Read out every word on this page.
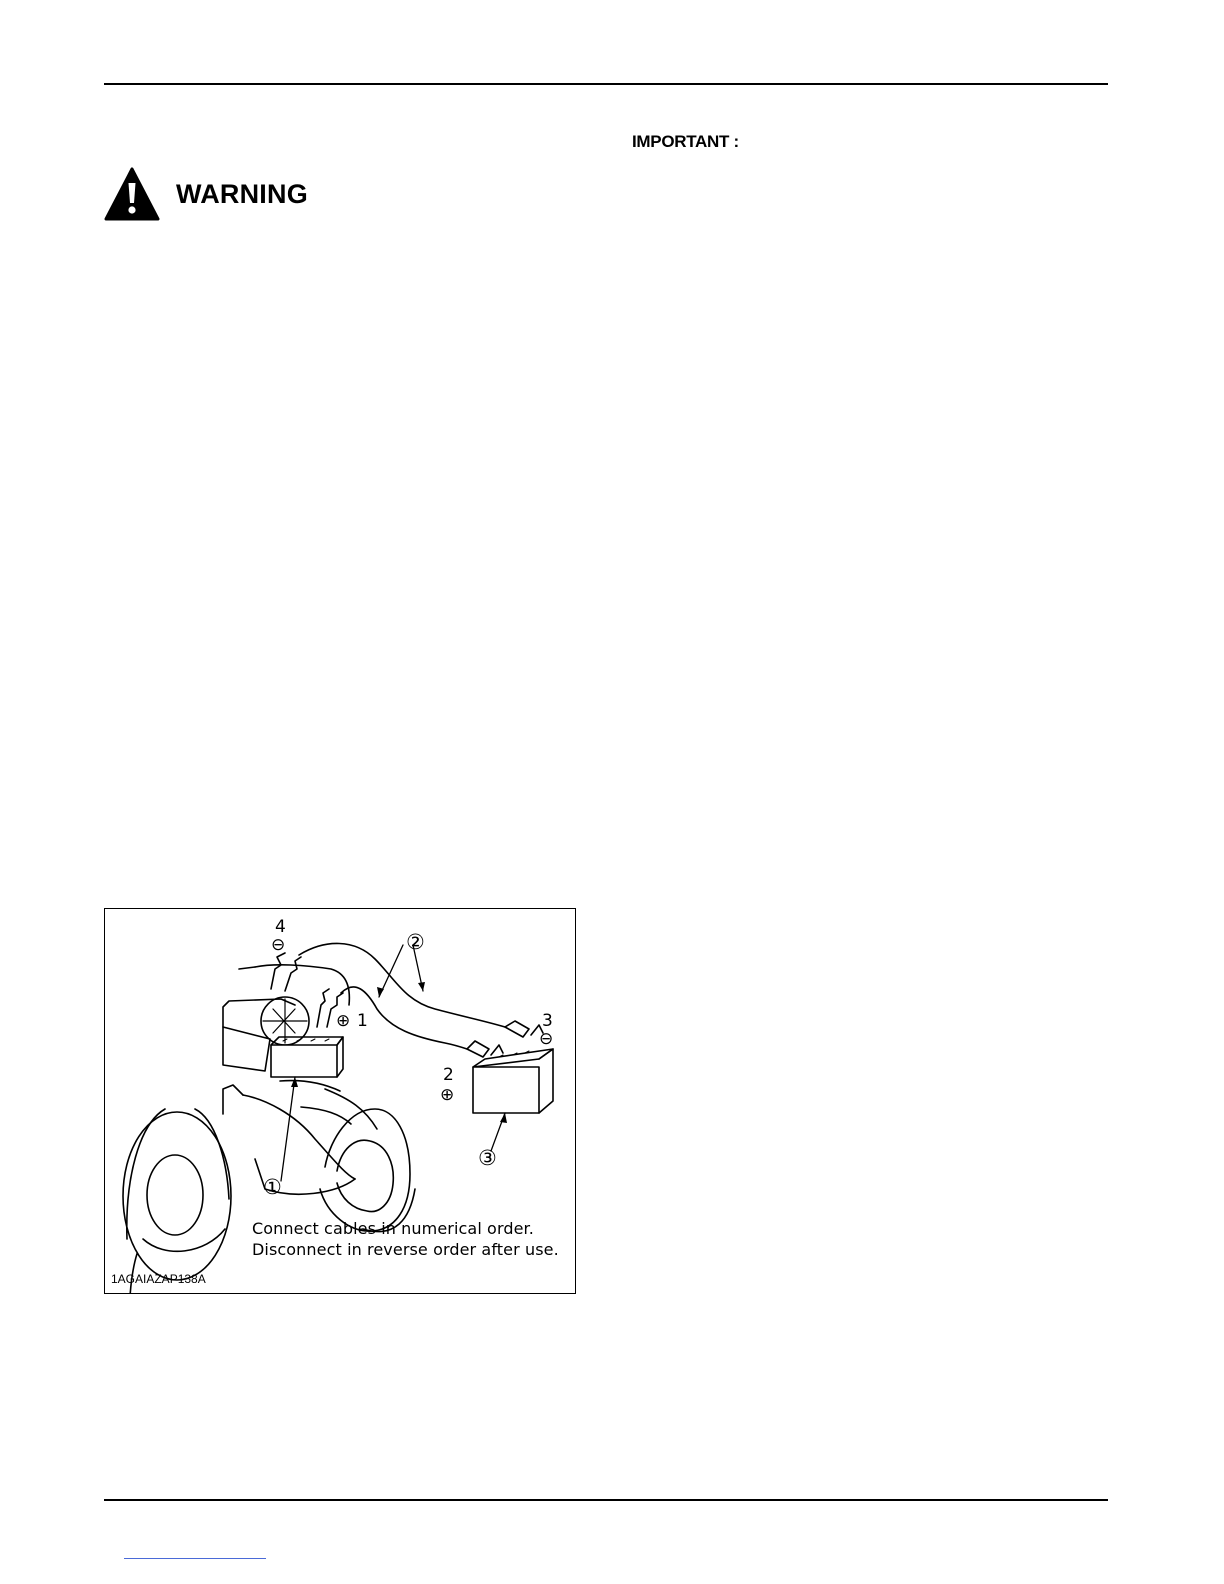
IMPORTANT :
WARNING
4
⊖
⊕ 1	3
⊖
2
⊕
②
③
①
Connect cables in numerical order.
Disconnect in reverse order after use.
1AGAIAZAP138A
